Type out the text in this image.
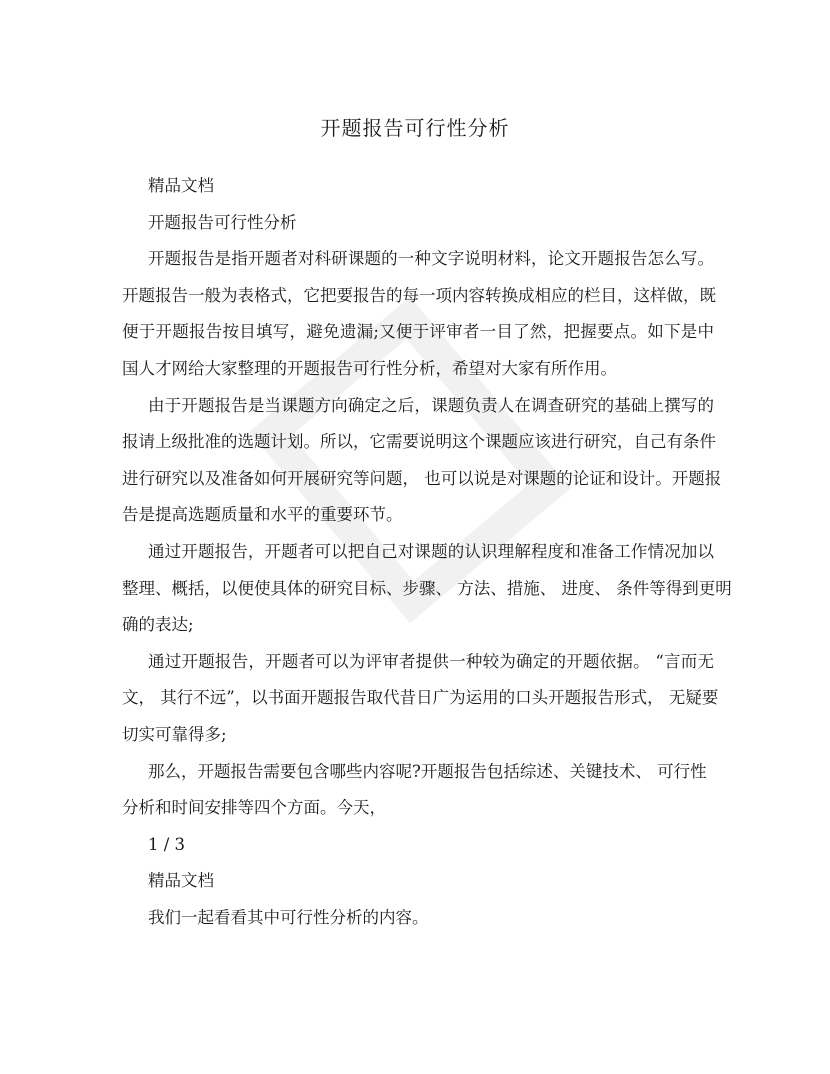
开题报告可行性分析
精品文档
开题报告可行性分析
开题报告是指开题者对科研课题的一种文字说明材料，论文开题报告怎么写。
开题报告一般为表格式，它把要报告的每一项内容转换成相应的栏目，这样做，既
便于开题报告按目填写，避免遗漏;又便于评审者一目了然，把握要点。如下是中
国人才网给大家整理的开题报告可行性分析，希望对大家有所作用。
由于开题报告是当课题方向确定之后，课题负责人在调查研究的基础上撰写的
报请上级批准的选题计划。所以，它需要说明这个课题应该进行研究，自己有条件
进行研究以及准备如何开展研究等问题， 也可以说是对课题的论证和设计。开题报
告是提高选题质量和水平的重要环节。
通过开题报告，开题者可以把自己对课题的认识理解程度和准备工作情况加以
整理、概括，以便使具体的研究目标、步骤、 方法、措施、 进度、 条件等得到更明
确的表达;
通过开题报告，开题者可以为评审者提供一种较为确定的开题依据。 “言而无
文， 其行不远”，以书面开题报告取代昔日广为运用的口头开题报告形式， 无疑要
切实可靠得多;
那么，开题报告需要包含哪些内容呢?开题报告包括综述、关键技术、 可行性
分析和时间安排等四个方面。今天，
1 / 3
精品文档
我们一起看看其中可行性分析的内容。
